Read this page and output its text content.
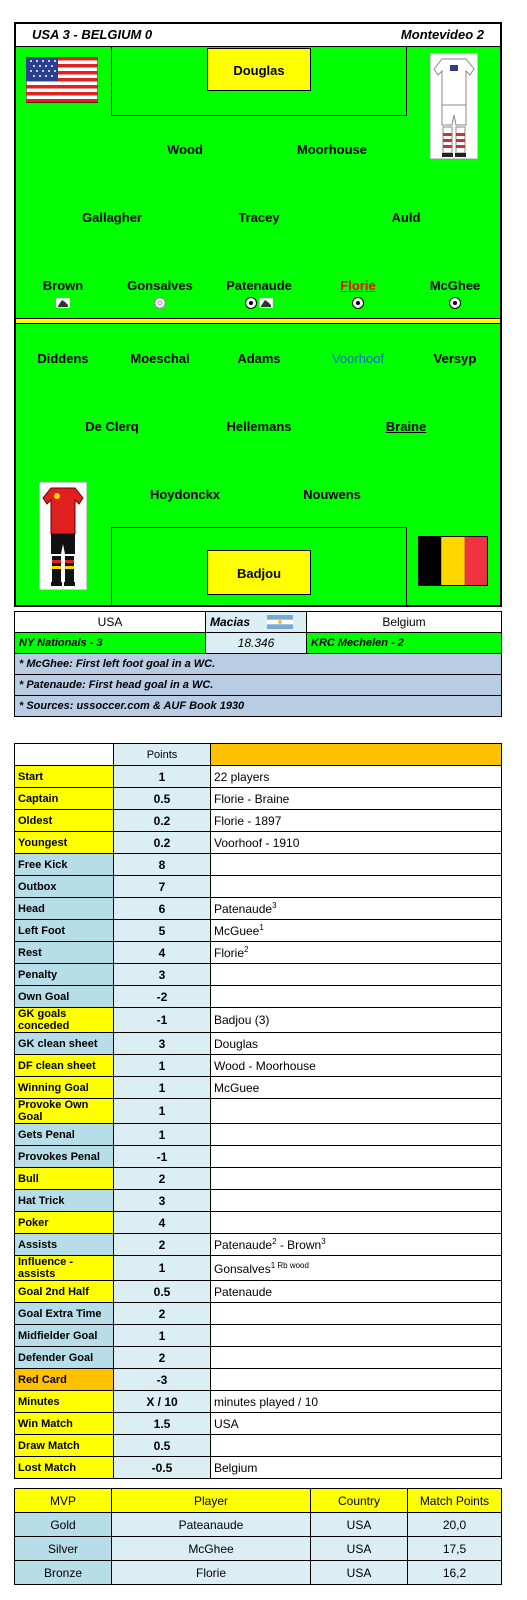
USA 3 - BELGIUM 0	Montevideo 2
Douglas
Wood	Moorhouse
Gallagher	Tracey	Auld
Brown	Gonsalves	Patenaude	Florie	McGhee
Diddens	Moeschal	Adams	Voorhoof	Versyp
De Clerq	Hellemans	Braine
Hoydonckx	Nouwens
Badjou
USA	Macias	Belgium
NY Nationals - 3	18.346	KRC Mechelen - 2
* McGhee: First left foot goal in a WC.		
* Patenaude: First head goal in a WC.		
* Sources: ussoccer.com & AUF Book 1930		
	Points	
Start	1	22 players
Captain	0.5	Florie - Braine
Oldest	0.2	Florie - 1897
Youngest	0.2	Voorhoof - 1910
Free Kick	8	
Outbox	7	
Head	6	Patenaude$^3$
Left Foot	5	McGuee$^1$
Rest	4	Florie$^2$
Penalty	3	
Own Goal	-2	
GK goals conceded	-1	Badjou (3)
GK clean sheet	3	Douglas
DF clean sheet	1	Wood - Moorhouse
Winning Goal	1	McGuee
Provoke Own Goal	1	
Gets Penal	1	
Provokes Penal	-1	
Bull	2	
Hat Trick	3	
Poker	4	
Assists	2	Patenaude$^2$ - Brown$^3$
Influence - assists	1	Gonsalves$^{1 Rb wood}$
Goal 2nd Half	0.5	Patenaude
Goal Extra Time	2	
Midfielder Goal	1	
Defender Goal	2	
Red Card	-3	
Minutes	X / 10	minutes played / 10
Win Match	1.5	USA
Draw Match	0.5	
Lost Match	-0.5	Belgium
MVP	Player	Country	Match Points
Gold	Pateanaude	USA	20,0
Silver	McGhee	USA	17,5
Bronze	Florie	USA	16,2
